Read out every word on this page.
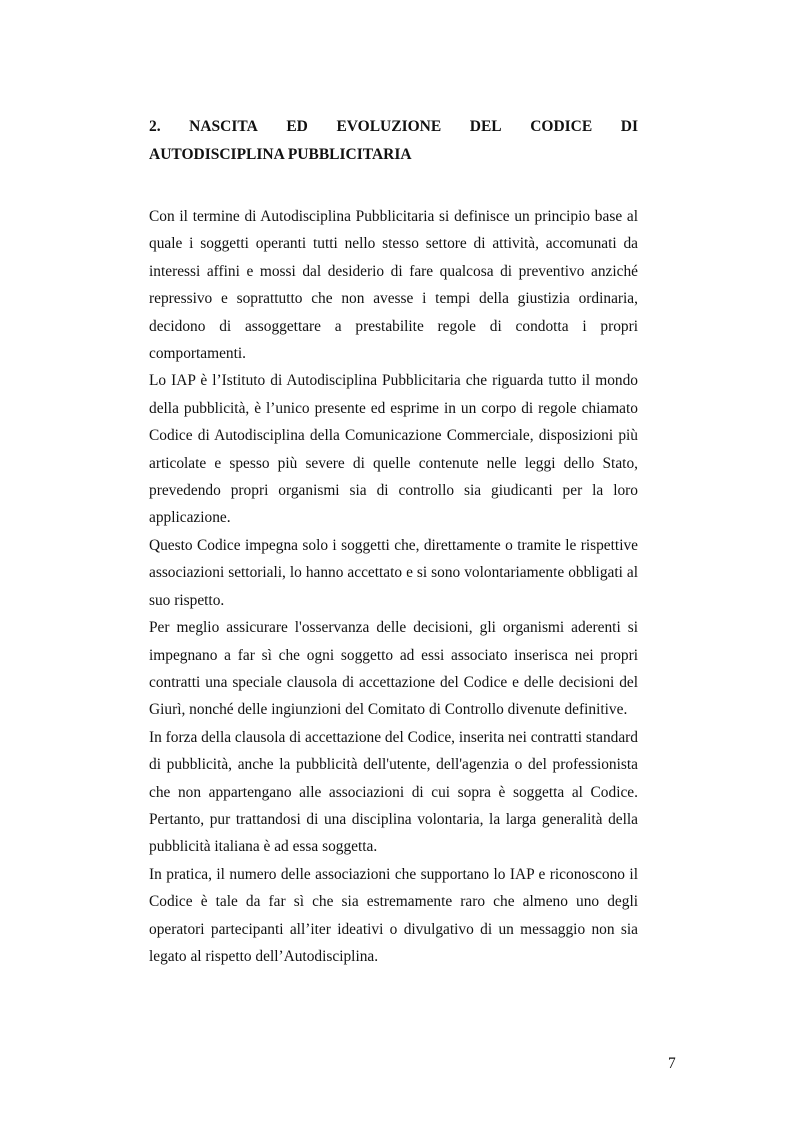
2. NASCITA ED EVOLUZIONE DEL CODICE DI
AUTODISCIPLINA PUBBLICITARIA

Con il termine di Autodisciplina Pubblicitaria si definisce un principio base al quale i soggetti operanti tutti nello stesso settore di attività, accomunati da interessi affini e mossi dal desiderio di fare qualcosa di preventivo anziché repressivo e soprattutto che non avesse i tempi della giustizia ordinaria, decidono di assoggettare a prestabilite regole di condotta i propri comportamenti.

Lo IAP è l’Istituto di Autodisciplina Pubblicitaria che riguarda tutto il mondo della pubblicità, è l’unico presente ed esprime in un corpo di regole chiamato Codice di Autodisciplina della Comunicazione Commerciale, disposizioni più articolate e spesso più severe di quelle contenute nelle leggi dello Stato, prevedendo propri organismi sia di controllo sia giudicanti per la loro applicazione.

Questo Codice impegna solo i soggetti che, direttamente o tramite le rispettive associazioni settoriali, lo hanno accettato e si sono volontariamente obbligati al suo rispetto.

Per meglio assicurare l'osservanza delle decisioni, gli organismi aderenti si impegnano a far sì che ogni soggetto ad essi associato inserisca nei propri contratti una speciale clausola di accettazione del Codice e delle decisioni del Giurì, nonché delle ingiunzioni del Comitato di Controllo divenute definitive.

In forza della clausola di accettazione del Codice, inserita nei contratti standard di pubblicità, anche la pubblicità dell'utente, dell'agenzia o del professionista che non appartengano alle associazioni di cui sopra è soggetta al Codice. Pertanto, pur trattandosi di una disciplina volontaria, la larga generalità della pubblicità italiana è ad essa soggetta.

In pratica, il numero delle associazioni che supportano lo IAP e riconoscono il Codice è tale da far sì che sia estremamente raro che almeno uno degli operatori partecipanti all’iter ideativi o divulgativo di un messaggio non sia legato al rispetto dell’Autodisciplina.

7
